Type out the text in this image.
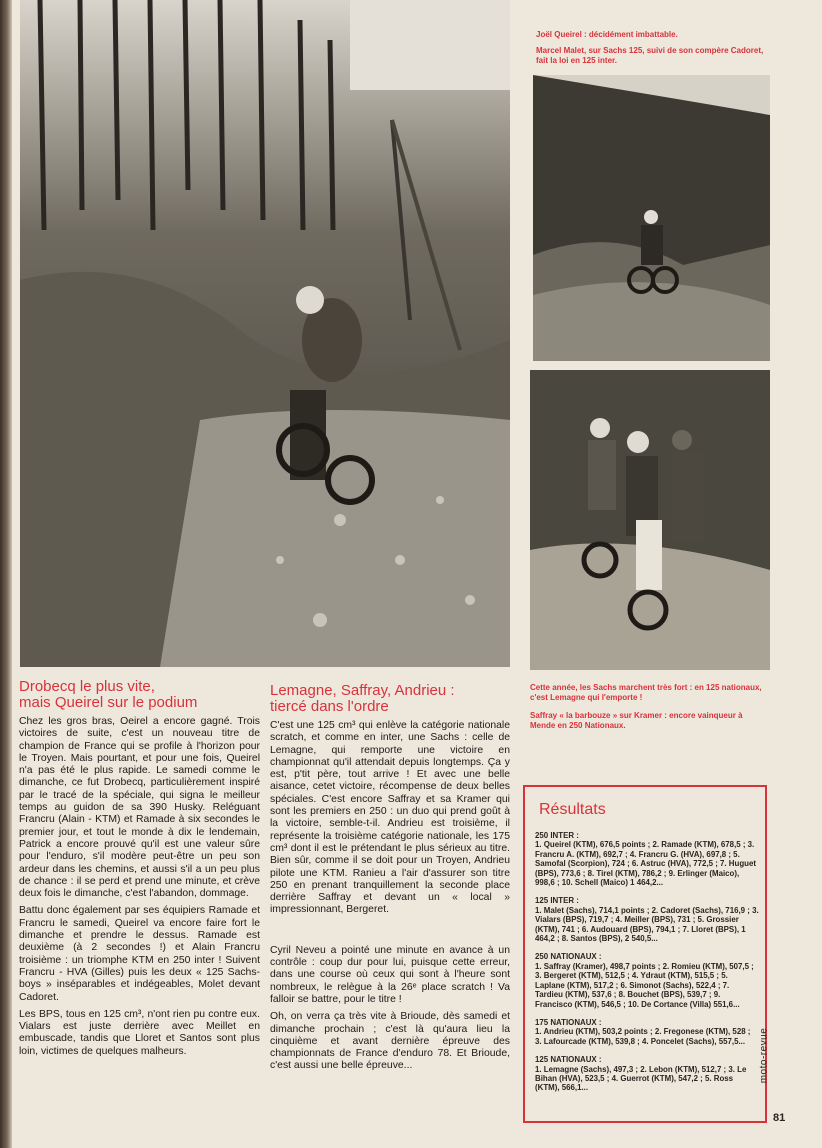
Joël Queirel : décidément imbattable.

Marcel Malet, sur Sachs 125, suivi de son compère Cadoret, fait la loi en 125 inter.

Cette année, les Sachs marchent très fort : en 125 nationaux, c'est Lemagne qui l'emporte !

Saffray « la barbouze » sur Kramer : encore vainqueur à Mende en 250 Nationaux.

Drobecq le plus vite,
mais Queirel sur le podium

Chez les gros bras, Oeirel a encore gagné. Trois victoires de suite, c'est un nouveau titre de champion de France qui se profile à l'horizon pour le Troyen. Mais pourtant, et pour une fois, Queirel n'a pas été le plus rapide. Le samedi comme le dimanche, ce fut Drobecq, particulièrement inspiré par le tracé de la spéciale, qui signa le meilleur temps au guidon de sa 390 Husky. Reléguant Francru (Alain - KTM) et Ramade à six secondes le premier jour, et tout le monde à dix le lendemain, Patrick a encore prouvé qu'il est une valeur sûre pour l'enduro, s'il modère peut-être un peu son ardeur dans les chemins, et aussi s'il a un peu plus de chance : il se perd et prend une minute, et crève deux fois le dimanche, c'est l'abandon, dommage.

Battu donc également par ses équipiers Ramade et Francru le samedi, Queirel va encore faire fort le dimanche et prendre le dessus. Ramade est deuxième (à 2 secondes !) et Alain Francru troisième : un triomphe KTM en 250 inter ! Suivent Francru - HVA (Gilles) puis les deux « 125 Sachs-boys » inséparables et indégeables, Molet devant Cadoret.

Les BPS, tous en 125 cm³, n'ont rien pu contre eux. Vialars est juste derrière avec Meillet en embuscade, tandis que Lloret et Santos sont plus loin, victimes de quelques malheurs.

Lemagne, Saffray, Andrieu :
tiercé dans l'ordre

C'est une 125 cm³ qui enlève la catégorie nationale scratch, et comme en inter, une Sachs : celle de Lemagne, qui remporte une victoire en championnat qu'il attendait depuis longtemps. Ça y est, p'tit père, tout arrive ! Et avec une belle aisance, cetet victoire, récompense de deux belles spéciales. C'est encore Saffray et sa Kramer qui sont les premiers en 250 : un duo qui prend goût à la victoire, semble-t-il. Andrieu est troisième, il représente la troisième catégorie nationale, les 175 cm³ dont il est le prétendant le plus sérieux au titre. Bien sûr, comme il se doit pour un Troyen, Andrieu pilote une KTM. Ranieu a l'air d'assurer son titre 250 en prenant tranquillement la seconde place derrière Saffray et devant un « local » impressionnant, Bergeret.

Cyril Neveu a pointé une minute en avance à un contrôle : coup dur pour lui, puisque cette erreur, dans une course où ceux qui sont à l'heure sont nombreux, le relègue à la 26ᵉ place scratch ! Va falloir se battre, pour le titre !

Oh, on verra ça très vite à Brioude, dès samedi et dimanche prochain ; c'est là qu'aura lieu la cinquième et avant dernière épreuve des championnats de France d'enduro 78. Et Brioude, c'est aussi une belle épreuve...

Résultats
250 INTER :
1. Queirel (KTM), 676,5 points ; 2. Ramade (KTM), 678,5 ; 3. Francru A. (KTM), 692,7 ; 4. Francru G. (HVA), 697,8 ; 5. Samofal (Scorpion), 724 ; 6. Astruc (HVA), 772,5 ; 7. Huguet (BPS), 773,6 ; 8. Tirel (KTM), 786,2 ; 9. Erlinger (Maico), 998,6 ; 10. Schell (Maico) 1 464,2...
125 INTER :
1. Malet (Sachs), 714,1 points ; 2. Cadoret (Sachs), 716,9 ; 3. Vialars (BPS), 719,7 ; 4. Meiller (BPS), 731 ; 5. Grossier (KTM), 741 ; 6. Audouard (BPS), 794,1 ; 7. Lloret (BPS), 1 464,2 ; 8. Santos (BPS), 2 540,5...
250 NATIONAUX :
1. Saffray (Kramer), 498,7 points ; 2. Romieu (KTM), 507,5 ; 3. Bergeret (KTM), 512,5 ; 4. Ydraut (KTM), 515,5 ; 5. Laplane (KTM), 517,2 ; 6. Simonot (Sachs), 522,4 ; 7. Tardieu (KTM), 537,6 ; 8. Bouchet (BPS), 539,7 ; 9. Francisco (KTM), 546,5 ; 10. De Cortance (Villa) 551,6...
175 NATIONAUX :
1. Andrieu (KTM), 503,2 points ; 2. Fregonese (KTM), 528 ; 3. Lafourcade (KTM), 539,8 ; 4. Poncelet (Sachs), 557,5...
125 NATIONAUX :
1. Lemagne (Sachs), 497,3 ; 2. Lebon (KTM), 512,7 ; 3. Le Bihan (HVA), 523,5 ; 4. Guerrot (KTM), 547,2 ; 5. Ross (KTM), 566,1...
moto-revue
81
